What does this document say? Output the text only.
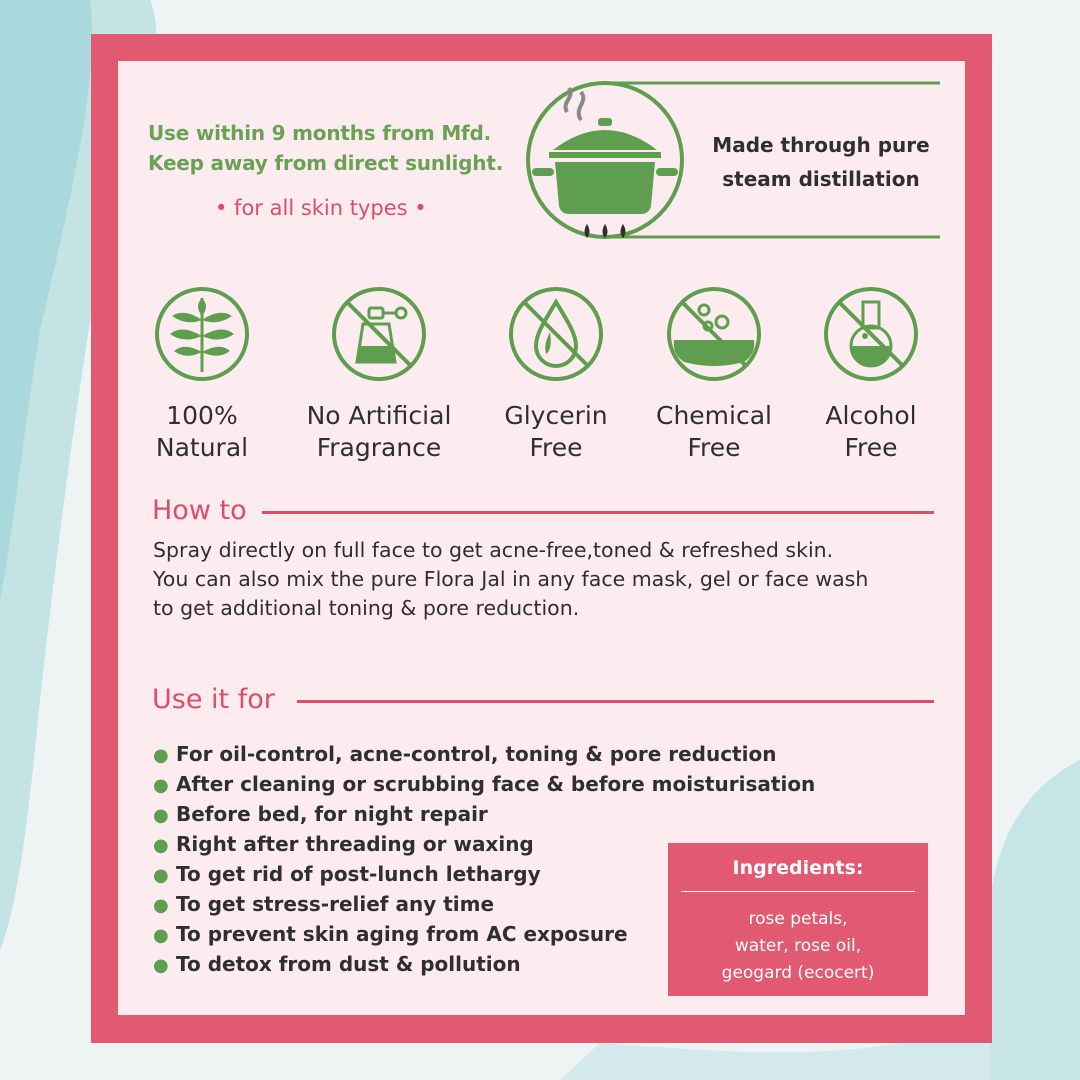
Use within 9 months from Mfd.
Keep away from direct sunlight.
• for all skin types •
Made through pure
steam distillation
100%
Natural
No Artificial
Fragrance
Glycerin
Free
Chemical
Free
Alcohol
Free
How to
Spray directly on full face to get acne-free,toned & refreshed skin.
You can also mix the pure Flora Jal in any face mask, gel or face wash
to get additional toning & pore reduction.
Use it for
● For oil-control, acne-control, toning & pore reduction
● After cleaning or scrubbing face & before moisturisation
● Before bed, for night repair
● Right after threading or waxing
● To get rid of post-lunch lethargy
● To get stress-relief any time
● To prevent skin aging from AC exposure
● To detox from dust & pollution
Ingredients:
rose petals,
water, rose oil,
geogard (ecocert)
